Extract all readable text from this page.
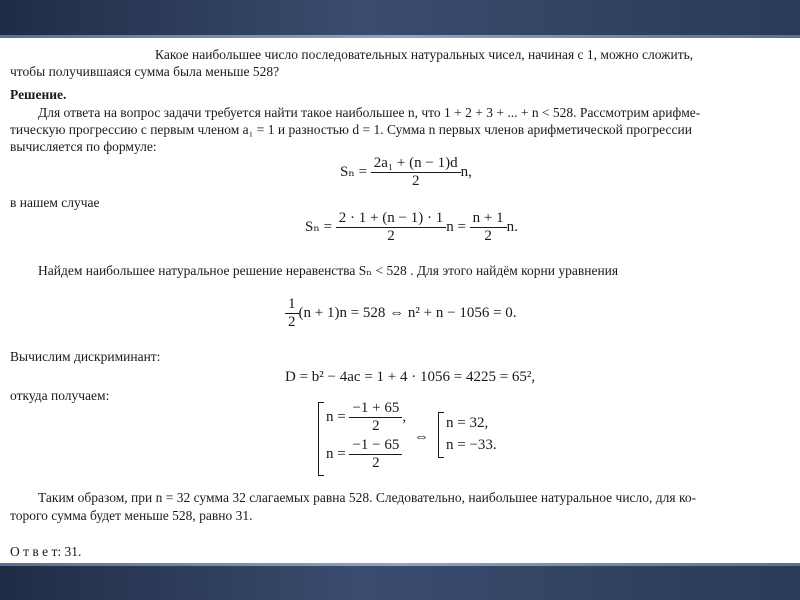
Какое наибольшее число последовательных натуральных чисел, начиная с 1, можно сложить,
чтобы получившаяся сумма была меньше 528?
Решение.
Для ответа на вопрос задачи требуется найти такое наибольшее n, что 1 + 2 + 3 + ... + n < 528. Рассмотрим арифме-
тическую прогрессию с первым членом a₁ = 1 и разностью d = 1. Сумма n первых членов арифметической прогрессии
вычисляется по формуле:
$S_n = \frac{\text{2a₁ + (n − 1)d}}{2} n$,
в нашем случае
$S_n = \frac{2 \cdot 1 + (n - 1) \cdot 1}{2}$ $n = \frac{n + 1}{2} n$.
Найдем наибольшее натуральное решение неравенства Sₙ < 528 . Для этого найдём корни уравнения
$\frac{1}{2} (n + 1)n = 528$ ⇔ n² + n − 1056 = 0.
Вычислим дискриминант:
D = b² − 4ac = 1 + 4 · 1056 = 4225 = 65²,
откуда получаем:
$n = \frac{-1 + 65}{2}$ ,
$n = \frac{-1 - 65}{2}$ ⇔
n = 32,
n = −33.
Таким образом, при n = 32 сумма 32 слагаемых равна 528. Следовательно, наибольшее натуральное число, для ко-
торого сумма будет меньше 528, равно 31.
О т в е т: 31.
